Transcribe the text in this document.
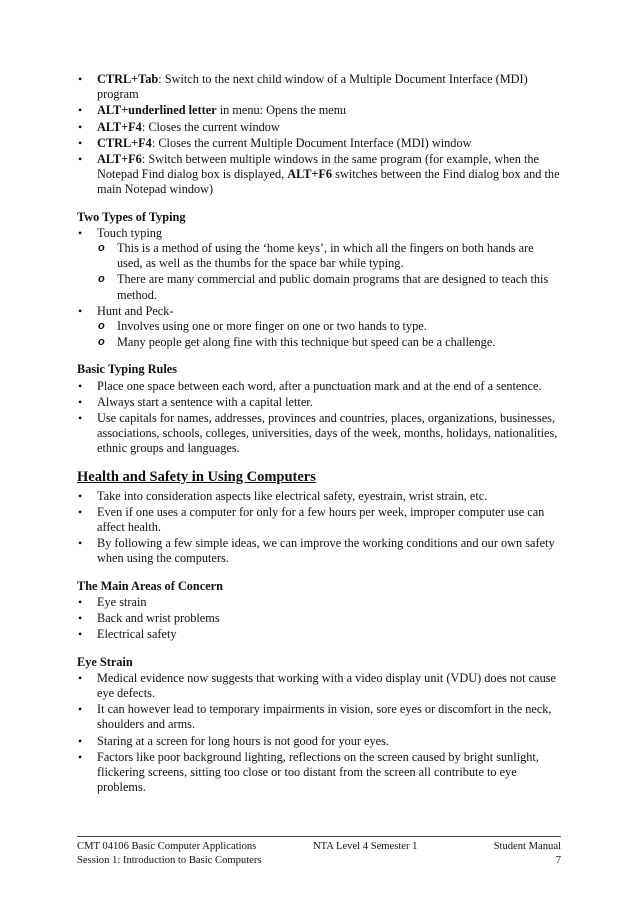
• CTRL+Tab: Switch to the next child window of a Multiple Document Interface (MDI) program
• ALT+underlined letter in menu: Opens the menu
• ALT+F4: Closes the current window
• CTRL+F4: Closes the current Multiple Document Interface (MDI) window
• ALT+F6: Switch between multiple windows in the same program (for example, when the Notepad Find dialog box is displayed, ALT+F6 switches between the Find dialog box and the main Notepad window)
Two Types of Typing
• Touch typing
o This is a method of using the ‘home keys’, in which all the fingers on both hands are used, as well as the thumbs for the space bar while typing.
o There are many commercial and public domain programs that are designed to teach this method.
• Hunt and Peck-
o Involves using one or more finger on one or two hands to type.
o Many people get along fine with this technique but speed can be a challenge.
Basic Typing Rules
• Place one space between each word, after a punctuation mark and at the end of a sentence.
• Always start a sentence with a capital letter.
• Use capitals for names, addresses, provinces and countries, places, organizations, businesses, associations, schools, colleges, universities, days of the week, months, holidays, nationalities, ethnic groups and languages.
Health and Safety in Using Computers
• Take into consideration aspects like electrical safety, eyestrain, wrist strain, etc.
• Even if one uses a computer for only for a few hours per week, improper computer use can affect health.
• By following a few simple ideas, we can improve the working conditions and our own safety when using the computers.
The Main Areas of Concern
• Eye strain
• Back and wrist problems
• Electrical safety
Eye Strain
• Medical evidence now suggests that working with a video display unit (VDU) does not cause eye defects.
• It can however lead to temporary impairments in vision, sore eyes or discomfort in the neck, shoulders and arms.
• Staring at a screen for long hours is not good for your eyes.
• Factors like poor background lighting, reflections on the screen caused by bright sunlight, flickering screens, sitting too close or too distant from the screen all contribute to eye problems.
CMT 04106 Basic Computer Applications	NTA Level 4 Semester 1	Student Manual
Session 1: Introduction to Basic Computers	7
